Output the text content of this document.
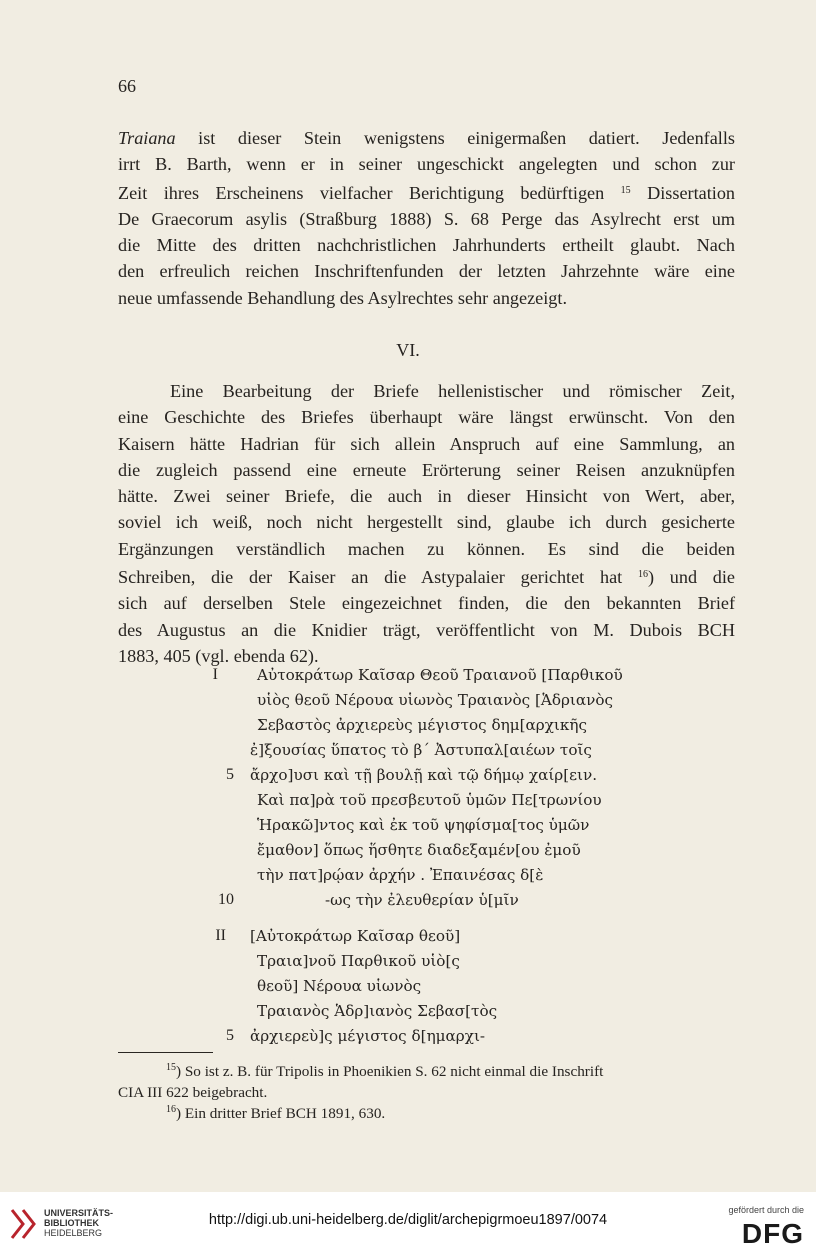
66
Traiana ist dieser Stein wenigstens einigermaßen datiert. Jedenfalls
irrt B. Barth, wenn er in seiner ungeschickt angelegten und schon zur
Zeit ihres Erscheinens vielfacher Berichtigung bedürftigen $^{15}$ Dissertation
De Graecorum asylis (Straßburg 1888) S. 68 Perge das Asylrecht erst um
die Mitte des dritten nachchristlichen Jahrhunderts ertheilt glaubt. Nach
den erfreulich reichen Inschriftenfunden der letzten Jahrzehnte wäre eine
neue umfassende Behandlung des Asylrechtes sehr angezeigt.
VI.
Eine Bearbeitung der Briefe hellenistischer und römischer Zeit,
eine Geschichte des Briefes überhaupt wäre längst erwünscht. Von den
Kaisern hätte Hadrian für sich allein Anspruch auf eine Sammlung, an
die zugleich passend eine erneute Erörterung seiner Reisen anzuknüpfen
hätte. Zwei seiner Briefe, die auch in dieser Hinsicht von Wert, aber,
soviel ich weiß, noch nicht hergestellt sind, glaube ich durch gesicherte
Ergänzungen verständlich machen zu können. Es sind die beiden
Schreiben, die der Kaiser an die Astypalaier gerichtet hat $^{16}$) und die
sich auf derselben Stele eingezeichnet finden, die den bekannten Brief
des Augustus an die Knidier trägt, veröffentlicht von M. Dubois BCH
1883, 405 (vgl. ebenda 62).
I	Αὐτοκράτωρ Καῖσαρ Θεοῦ Τραιανοῦ [Παρθικοῦ
υἱὸς θεοῦ Νέρουα υἱωνὸς Τραιανὸς [Ἁδριανὸς
Σεβαστὸς ἀρχιερεὺς μέγιστος δημ[αρχικῆς
ἐ]ξουσίας ὕπατος τὸ β´ Ἀστυπαλ[αιέων τοῖς
5 ἄρχο]υσι καὶ τῇ βουλῇ καὶ τῷ δήμῳ χαίρ[ειν.
Καὶ πα]ρὰ τοῦ πρεσβευτοῦ ὑμῶν Πε[τρωνίου
Ἡρακῶ]ντος καὶ ἐκ τοῦ ψηφίσμα[τος ὑμῶν
ἔμαθον] ὅπως ἥσθητε διαδεξαμέν[ου ἐμοῦ
τὴν πατ]ρῴαν ἀρχήν . Ἐπαινέσας δ[ὲ
10	-ως τὴν ἐλευθερίαν ὑ[μῖν
II [Αὐτοκράτωρ Καῖσαρ θεοῦ]
Τραια]νοῦ Παρθικοῦ υἱὸ[ς
θεοῦ] Νέρουα υἱωνὸς
Τραιανὸς Ἁδρ]ιανὸς Σεβασ[τὸς
5 ἀρχιερεὺ]ς μέγιστος δ[ημαρχι-
$^{15}$) So ist z. B. für Tripolis in Phoenikien S. 62 nicht einmal die Inschrift
CIA III 622 beigebracht.
$^{16}$) Ein dritter Brief BCH 1891, 630.
UNIVERSITÄTS-
BIBLIOTHEK
HEIDELBERG
http://digi.ub.uni-heidelberg.de/diglit/archepigrmoeu1897/0074
gefördert durch die
DFG
